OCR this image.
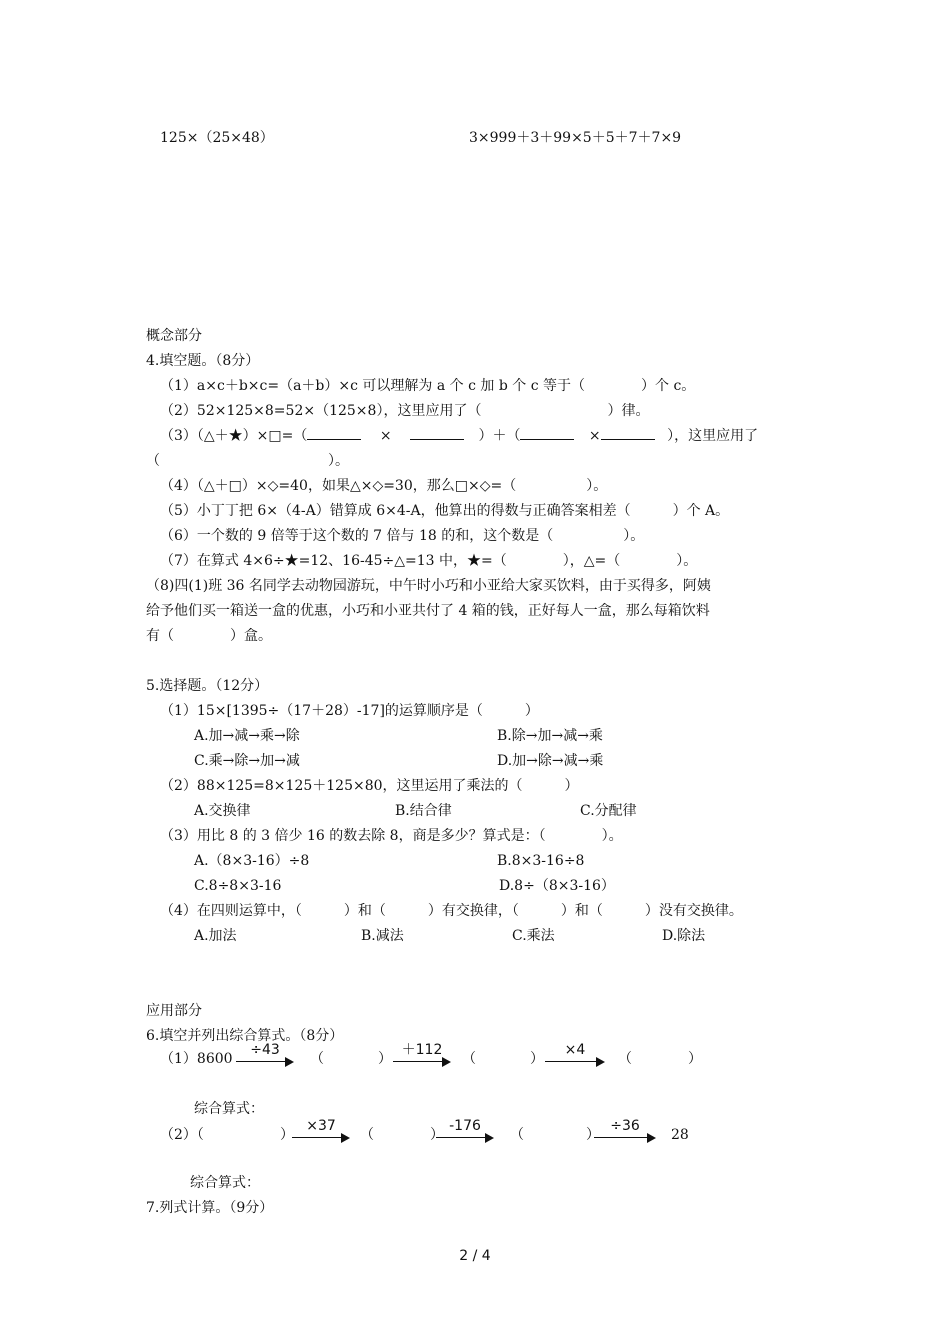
125×（25×48）	3×999＋3＋99×5＋5＋7＋7×9
概念部分
4.填空题。（8分）
（1）a×c＋b×c=（a＋b）×c 可以理解为 a 个 c 加 b 个 c 等于（　　　　）个 c。
（2）52×125×8=52×（125×8），这里应用了（　　　　　　　　　）律。
（3）（△＋★）×□=（	×	）＋（	×	），这里应用了
（　　　　　　　　　　　　）。
（4）（△＋□）×◇=40，如果△×◇=30，那么□×◇=（　　　　　）。
（5）小丁丁把 6×（4-A）错算成 6×4-A，他算出的得数与正确答案相差（　　　）个 A。
（6）一个数的 9 倍等于这个数的 7 倍与 18 的和，这个数是（　　　　　）。
（7）在算式 4×6÷★=12、16-45÷△=13 中，★=（　　　　），△=（　　　　）。
（8)四(1)班 36 名同学去动物园游玩，中午时小巧和小亚给大家买饮料，由于买得多，阿姨
给予他们买一箱送一盒的优惠，小巧和小亚共付了 4 箱的钱，正好每人一盒，那么每箱饮料
有（　　　　）盒。
5.选择题。（12分）
（1）15×[1395÷（17＋28）-17]的运算顺序是（　　　）
A.加→减→乘→除	B.除→加→减→乘
C.乘→除→加→减	D.加→除→减→乘
（2）88×125=8×125＋125×80，这里运用了乘法的（　　　）
A.交换律	B.结合律	C.分配律
（3）用比 8 的 3 倍少 16 的数去除 8，商是多少？算式是：（　　　　）。
A.（8×3-16）÷8	B.8×3-16÷8
C.8÷8×3-16	D.8÷（8×3-16）
（4）在四则运算中，（　　　）和（　　　）有交换律，（　　　）和（　　　）没有交换律。
A.加法	B.减法	C.乘法	D.除法
应用部分
6.填空并列出综合算式。（8分）
（1）8600
÷43
（	）
＋112
（	）
×4
（	）
综合算式：
（2）（	）
×37
（	）
-176
（	）
÷36
28
综合算式：
7.列式计算。（9分）
2 / 4
